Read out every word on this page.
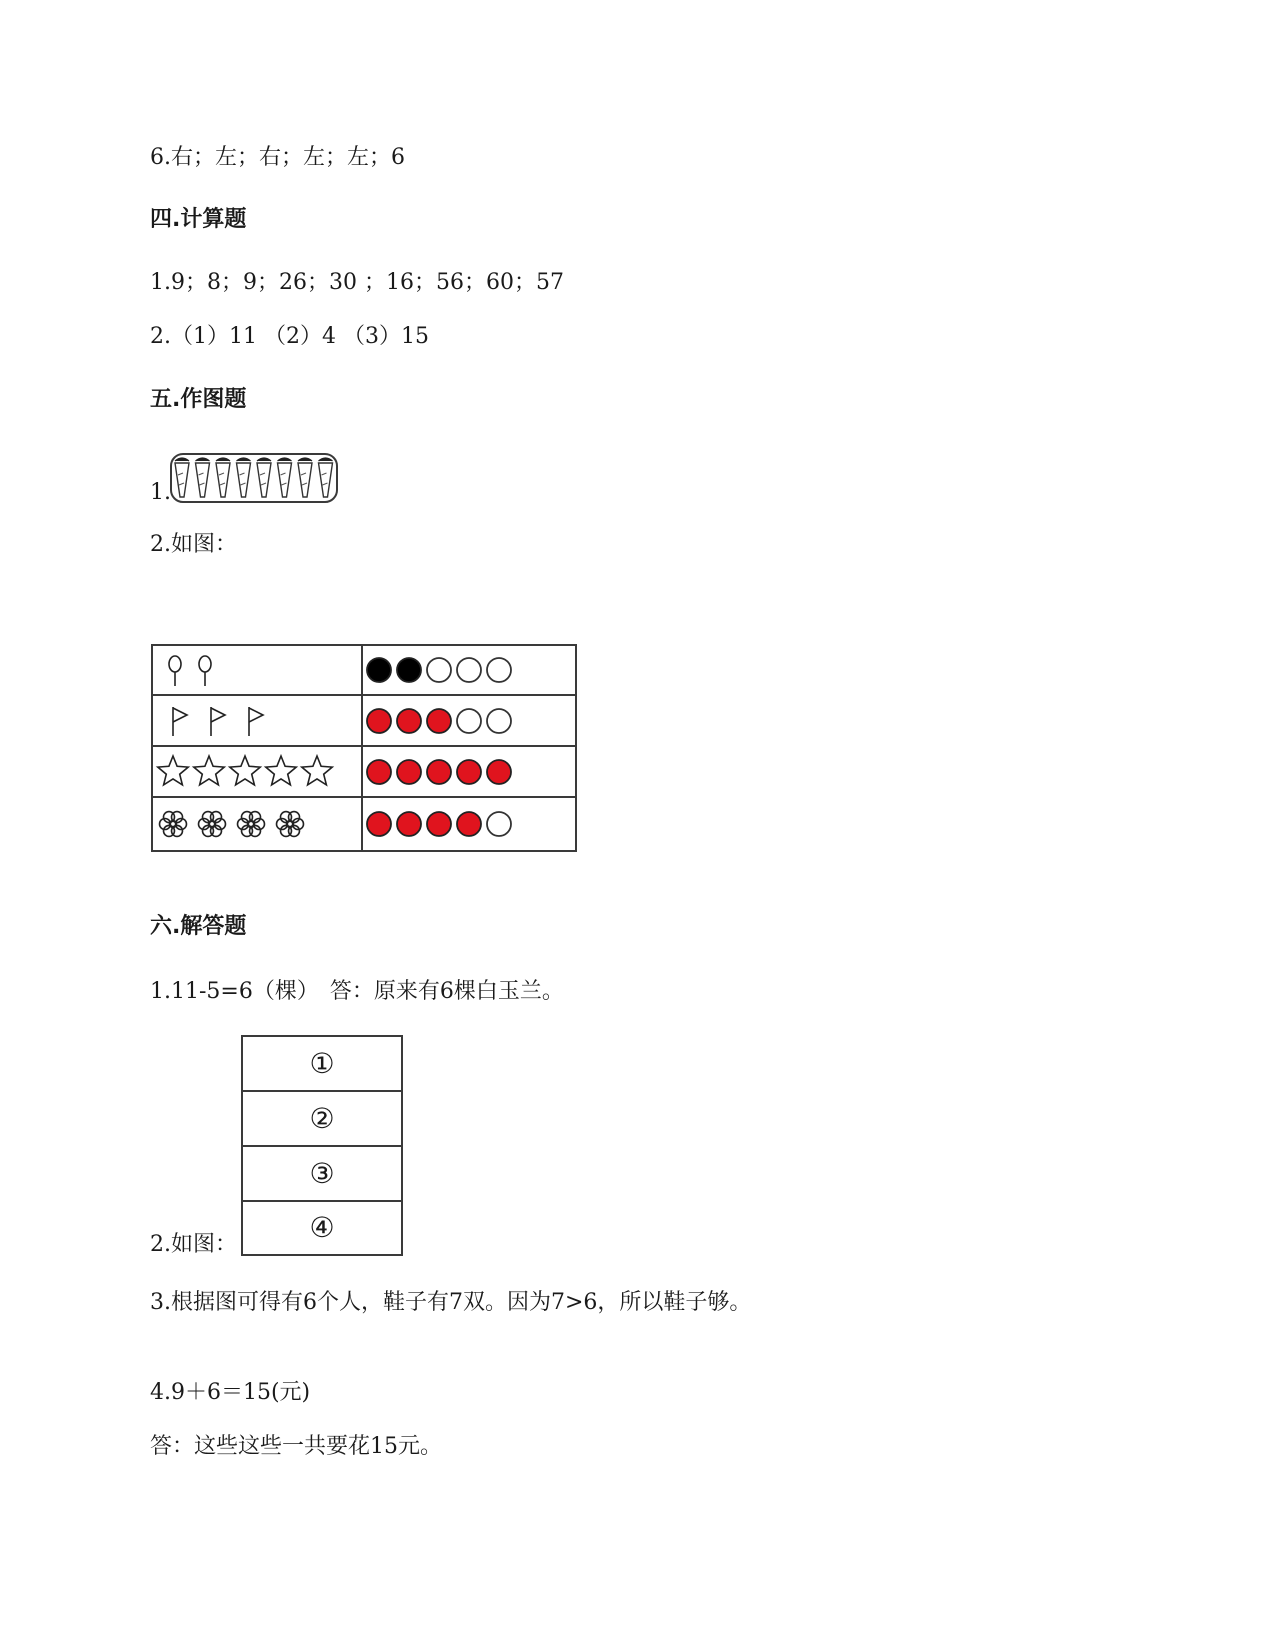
6.右；左；右；左；左；6
四.计算题
1.9；8；9；26；30 ；16；56；60；57
2.（1）11 （2）4 （3）15
五.作图题
1.
2.如图：
六.解答题
1.11-5=6（棵）　答：原来有6棵白玉兰。
2.如图：
①
②
③
④
3.根据图可得有6个人，鞋子有7双。因为7>6，所以鞋子够。
4.9＋6＝15(元)
答：这些这些一共要花15元。
